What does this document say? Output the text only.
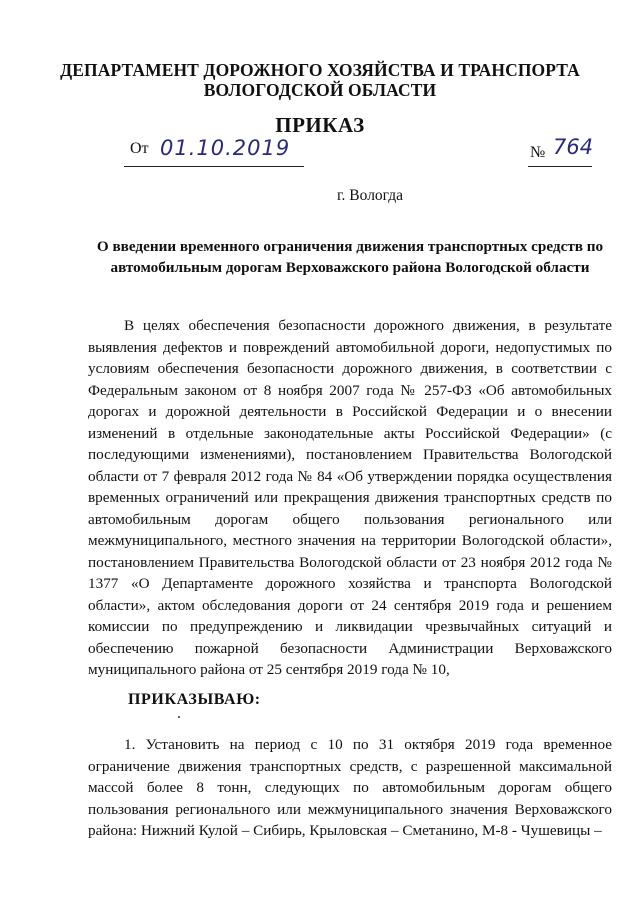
ДЕПАРТАМЕНТ ДОРОЖНОГО ХОЗЯЙСТВА И ТРАНСПОРТА
ВОЛОГОДСКОЙ ОБЛАСТИ
ПРИКАЗ
От 01.10.2019	№ 764
г. Вологда
О введении временного ограничения движения транспортных средств по автомобильным дорогам Верховажского района Вологодской области

В целях обеспечения безопасности дорожного движения, в результате выявления дефектов и повреждений автомобильной дороги, недопустимых по условиям обеспечения безопасности дорожного движения, в соответствии с Федеральным законом от 8 ноября 2007 года № 257-ФЗ «Об автомобильных дорогах и дорожной деятельности в Российской Федерации и о внесении изменений в отдельные законодательные акты Российской Федерации» (с последующими изменениями), постановлением Правительства Вологодской области от 7 февраля 2012 года № 84 «Об утверждении порядка осуществления временных ограничений или прекращения движения транспортных средств по автомобильным дорогам общего пользования регионального или межмуниципального, местного значения на территории Вологодской области», постановлением Правительства Вологодской области от 23 ноября 2012 года № 1377 «О Департаменте дорожного хозяйства и транспорта Вологодской области», актом обследования дороги от 24 сентября 2019 года и решением комиссии по предупреждению и ликвидации чрезвычайных ситуаций и обеспечению пожарной безопасности Администрации Верховажского муниципального района от 25 сентября 2019 года № 10,

ПРИКАЗЫВАЮ:

1. Установить на период с 10 по 31 октября 2019 года временное ограничение движения транспортных средств, с разрешенной максимальной массой более 8 тонн, следующих по автомобильным дорогам общего пользования регионального или межмуниципального значения Верховажского района: Нижний Кулой – Сибирь, Крыловская – Сметанино, М-8 - Чушевицы –
